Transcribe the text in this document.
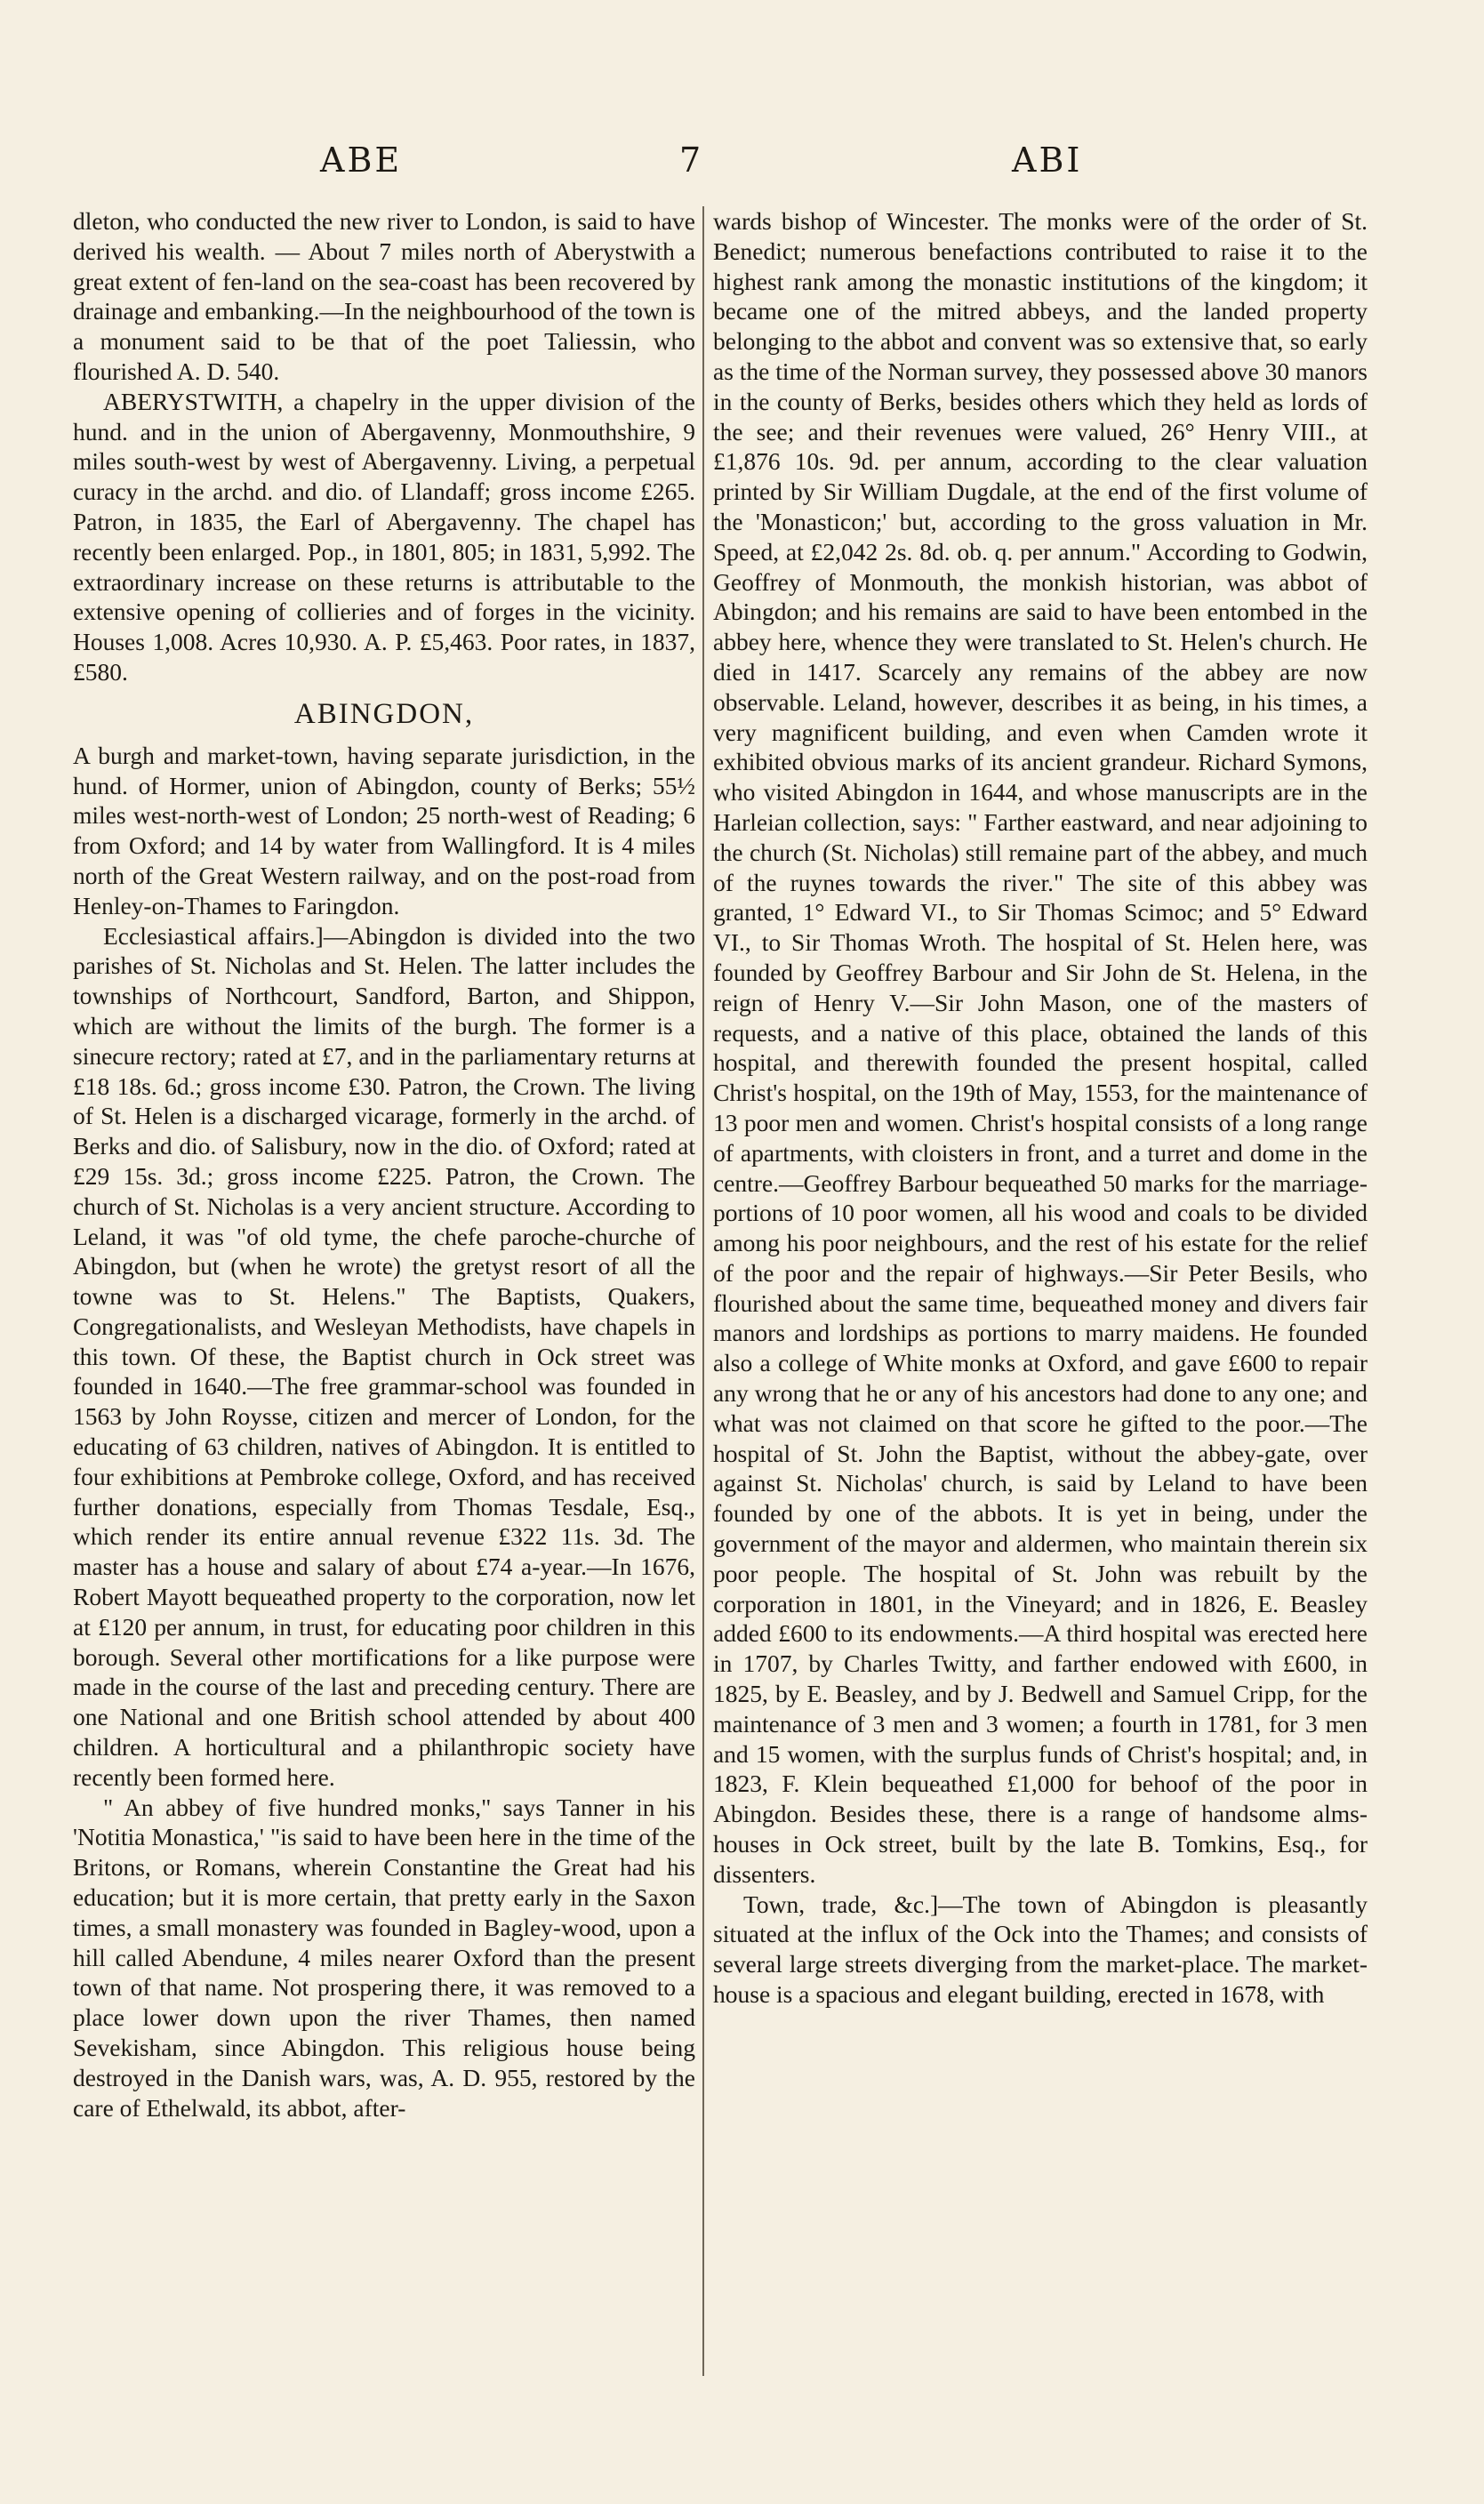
ABE	7	ABI

dleton, who conducted the new river to London, is said to have derived his wealth. — About 7 miles north of Aberystwith a great extent of fen-land on the sea-coast has been recovered by drainage and embanking.—In the neighbourhood of the town is a monument said to be that of the poet Taliessin, who flourished A. D. 540.

ABERYSTWITH, a chapelry in the upper division of the hund. and in the union of Abergavenny, Monmouthshire, 9 miles south-west by west of Abergavenny. Living, a perpetual curacy in the archd. and dio. of Llandaff; gross income £265. Patron, in 1835, the Earl of Abergavenny. The chapel has recently been enlarged. Pop., in 1801, 805; in 1831, 5,992. The extraordinary increase on these returns is attributable to the extensive opening of collieries and of forges in the vicinity. Houses 1,008. Acres 10,930. A. P. £5,463. Poor rates, in 1837, £580.

ABINGDON,

A burgh and market-town, having separate jurisdiction, in the hund. of Hormer, union of Abingdon, county of Berks; 55½ miles west-north-west of London; 25 north-west of Reading; 6 from Oxford; and 14 by water from Wallingford. It is 4 miles north of the Great Western railway, and on the post-road from Henley-on-Thames to Faringdon.

Ecclesiastical affairs.]—Abingdon is divided into the two parishes of St. Nicholas and St. Helen. The latter includes the townships of Northcourt, Sandford, Barton, and Shippon, which are without the limits of the burgh. The former is a sinecure rectory; rated at £7, and in the parliamentary returns at £18 18s. 6d.; gross income £30. Patron, the Crown. The living of St. Helen is a discharged vicarage, formerly in the archd. of Berks and dio. of Salisbury, now in the dio. of Oxford; rated at £29 15s. 3d.; gross income £225. Patron, the Crown. The church of St. Nicholas is a very ancient structure. According to Leland, it was "of old tyme, the chefe paroche-churche of Abingdon, but (when he wrote) the gretyst resort of all the towne was to St. Helens." The Baptists, Quakers, Congregationalists, and Wesleyan Methodists, have chapels in this town. Of these, the Baptist church in Ock street was founded in 1640.—The free grammar-school was founded in 1563 by John Roysse, citizen and mercer of London, for the educating of 63 children, natives of Abingdon. It is entitled to four exhibitions at Pembroke college, Oxford, and has received further donations, especially from Thomas Tesdale, Esq., which render its entire annual revenue £322 11s. 3d. The master has a house and salary of about £74 a-year.—In 1676, Robert Mayott bequeathed property to the corporation, now let at £120 per annum, in trust, for educating poor children in this borough. Several other mortifications for a like purpose were made in the course of the last and preceding century. There are one National and one British school attended by about 400 children. A horticultural and a philanthropic society have recently been formed here.

" An abbey of five hundred monks," says Tanner in his 'Notitia Monastica,' "is said to have been here in the time of the Britons, or Romans, wherein Constantine the Great had his education; but it is more certain, that pretty early in the Saxon times, a small monastery was founded in Bagley-wood, upon a hill called Abendune, 4 miles nearer Oxford than the present town of that name. Not prospering there, it was removed to a place lower down upon the river Thames, then named Sevekisham, since Abingdon. This religious house being destroyed in the Danish wars, was, A. D. 955, restored by the care of Ethelwald, its abbot, after-

wards bishop of Wincester. The monks were of the order of St. Benedict; numerous benefactions contributed to raise it to the highest rank among the monastic institutions of the kingdom; it became one of the mitred abbeys, and the landed property belonging to the abbot and convent was so extensive that, so early as the time of the Norman survey, they possessed above 30 manors in the county of Berks, besides others which they held as lords of the see; and their revenues were valued, 26° Henry VIII., at £1,876 10s. 9d. per annum, according to the clear valuation printed by Sir William Dugdale, at the end of the first volume of the 'Monasticon;' but, according to the gross valuation in Mr. Speed, at £2,042 2s. 8d. ob. q. per annum." According to Godwin, Geoffrey of Monmouth, the monkish historian, was abbot of Abingdon; and his remains are said to have been entombed in the abbey here, whence they were translated to St. Helen's church. He died in 1417. Scarcely any remains of the abbey are now observable. Leland, however, describes it as being, in his times, a very magnificent building, and even when Camden wrote it exhibited obvious marks of its ancient grandeur. Richard Symons, who visited Abingdon in 1644, and whose manuscripts are in the Harleian collection, says: " Farther eastward, and near adjoining to the church (St. Nicholas) still remaine part of the abbey, and much of the ruynes towards the river." The site of this abbey was granted, 1° Edward VI., to Sir Thomas Scimoc; and 5° Edward VI., to Sir Thomas Wroth. The hospital of St. Helen here, was founded by Geoffrey Barbour and Sir John de St. Helena, in the reign of Henry V.—Sir John Mason, one of the masters of requests, and a native of this place, obtained the lands of this hospital, and therewith founded the present hospital, called Christ's hospital, on the 19th of May, 1553, for the maintenance of 13 poor men and women. Christ's hospital consists of a long range of apartments, with cloisters in front, and a turret and dome in the centre.—Geoffrey Barbour bequeathed 50 marks for the marriage-portions of 10 poor women, all his wood and coals to be divided among his poor neighbours, and the rest of his estate for the relief of the poor and the repair of highways.—Sir Peter Besils, who flourished about the same time, bequeathed money and divers fair manors and lordships as portions to marry maidens. He founded also a college of White monks at Oxford, and gave £600 to repair any wrong that he or any of his ancestors had done to any one; and what was not claimed on that score he gifted to the poor.—The hospital of St. John the Baptist, without the abbey-gate, over against St. Nicholas' church, is said by Leland to have been founded by one of the abbots. It is yet in being, under the government of the mayor and aldermen, who maintain therein six poor people. The hospital of St. John was rebuilt by the corporation in 1801, in the Vineyard; and in 1826, E. Beasley added £600 to its endowments.—A third hospital was erected here in 1707, by Charles Twitty, and farther endowed with £600, in 1825, by E. Beasley, and by J. Bedwell and Samuel Cripp, for the maintenance of 3 men and 3 women; a fourth in 1781, for 3 men and 15 women, with the surplus funds of Christ's hospital; and, in 1823, F. Klein bequeathed £1,000 for behoof of the poor in Abingdon. Besides these, there is a range of handsome alms-houses in Ock street, built by the late B. Tomkins, Esq., for dissenters.

Town, trade, &c.]—The town of Abingdon is pleasantly situated at the influx of the Ock into the Thames; and consists of several large streets diverging from the market-place. The market-house is a spacious and elegant building, erected in 1678, with
